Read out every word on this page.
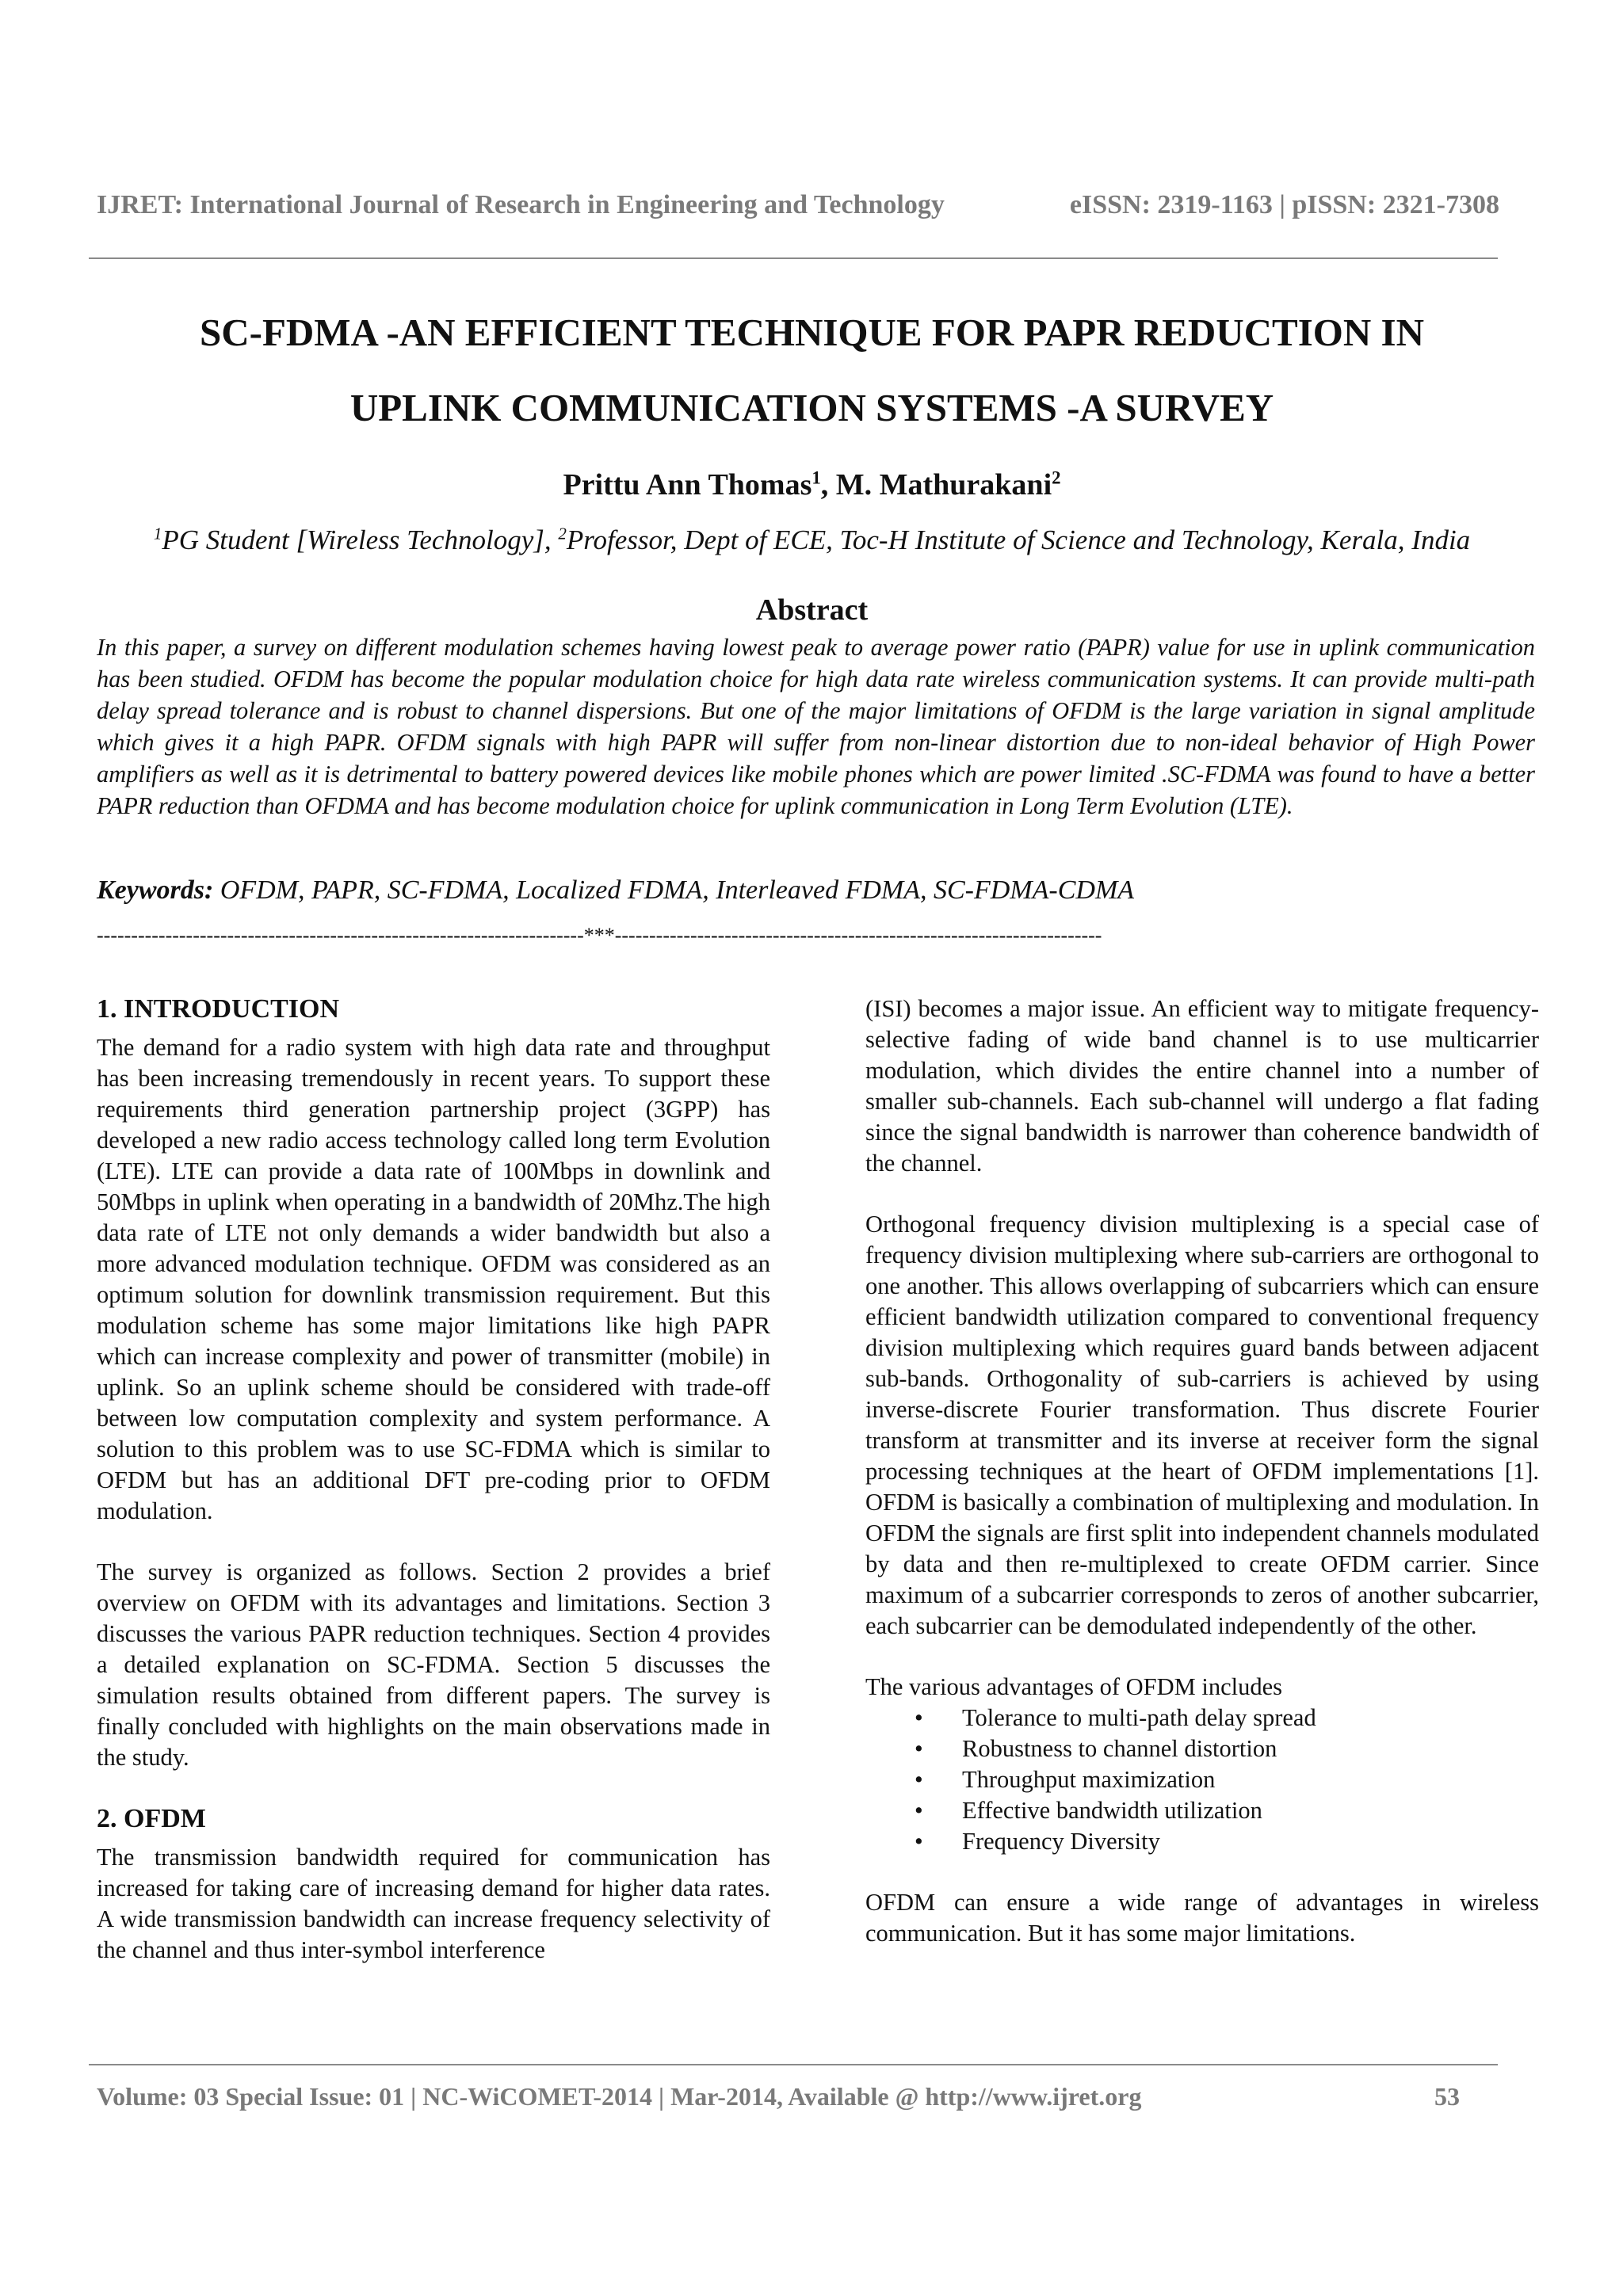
IJRET: International Journal of Research in Engineering and Technology	eISSN: 2319-1163 | pISSN: 2321-7308
SC-FDMA -AN EFFICIENT TECHNIQUE FOR PAPR REDUCTION IN
UPLINK COMMUNICATION SYSTEMS -A SURVEY
Prittu Ann Thomas$^1$, M. Mathurakani$^2$
$^1$PG Student [Wireless Technology], $^2$Professor, Dept of ECE, Toc-H Institute of Science and Technology, Kerala, India
Abstract
In this paper, a survey on different modulation schemes having lowest peak to average power ratio (PAPR) value for use in uplink communication has been studied. OFDM has become the popular modulation choice for high data rate wireless communication systems. It can provide multi-path delay spread tolerance and is robust to channel dispersions. But one of the major limitations of OFDM is the large variation in signal amplitude which gives it a high PAPR. OFDM signals with high PAPR will suffer from non-linear distortion due to non-ideal behavior of High Power amplifiers as well as it is detrimental to battery powered devices like mobile phones which are power limited .SC-FDMA was found to have a better PAPR reduction than OFDMA and has become modulation choice for uplink communication in Long Term Evolution (LTE).
Keywords: OFDM, PAPR, SC-FDMA, Localized FDMA, Interleaved FDMA, SC-FDMA-CDMA
-----------------------------------------------------------------------***-----------------------------------------------------------------------
1. INTRODUCTION

The demand for a radio system with high data rate and throughput has been increasing tremendously in recent years. To support these requirements third generation partnership project (3GPP) has developed a new radio access technology called long term Evolution (LTE). LTE can provide a data rate of 100Mbps in downlink and 50Mbps in uplink when operating in a bandwidth of 20Mhz.The high data rate of LTE not only demands a wider bandwidth but also a more advanced modulation technique. OFDM was considered as an optimum solution for downlink transmission requirement. But this modulation scheme has some major limitations like high PAPR which can increase complexity and power of transmitter (mobile) in uplink. So an uplink scheme should be considered with trade-off between low computation complexity and system performance. A solution to this problem was to use SC-FDMA which is similar to OFDM but has an additional DFT pre-coding prior to OFDM modulation.

The survey is organized as follows. Section 2 provides a brief overview on OFDM with its advantages and limitations. Section 3 discusses the various PAPR reduction techniques. Section 4 provides a detailed explanation on SC-FDMA. Section 5 discusses the simulation results obtained from different papers. The survey is finally concluded with highlights on the main observations made in the study.

2. OFDM

The transmission bandwidth required for communication has increased for taking care of increasing demand for higher data rates. A wide transmission bandwidth can increase frequency selectivity of the channel and thus inter-symbol interference

(ISI) becomes a major issue. An efficient way to mitigate frequency-selective fading of wide band channel is to use multicarrier modulation, which divides the entire channel into a number of smaller sub-channels. Each sub-channel will undergo a flat fading since the signal bandwidth is narrower than coherence bandwidth of the channel.

Orthogonal frequency division multiplexing is a special case of frequency division multiplexing where sub-carriers are orthogonal to one another. This allows overlapping of subcarriers which can ensure efficient bandwidth utilization compared to conventional frequency division multiplexing which requires guard bands between adjacent sub-bands. Orthogonality of sub-carriers is achieved by using inverse-discrete Fourier transformation. Thus discrete Fourier transform at transmitter and its inverse at receiver form the signal processing techniques at the heart of OFDM implementations [1]. OFDM is basically a combination of multiplexing and modulation. In OFDM the signals are first split into independent channels modulated by data and then re-multiplexed to create OFDM carrier. Since maximum of a subcarrier corresponds to zeros of another subcarrier, each subcarrier can be demodulated independently of the other.

The various advantages of OFDM includes

• Tolerance to multi-path delay spread
• Robustness to channel distortion
• Throughput maximization
• Effective bandwidth utilization
• Frequency Diversity

OFDM can ensure a wide range of advantages in wireless communication. But it has some major limitations.

Volume: 03 Special Issue: 01 | NC-WiCOMET-2014 | Mar-2014, Available @ http://www.ijret.org	53
